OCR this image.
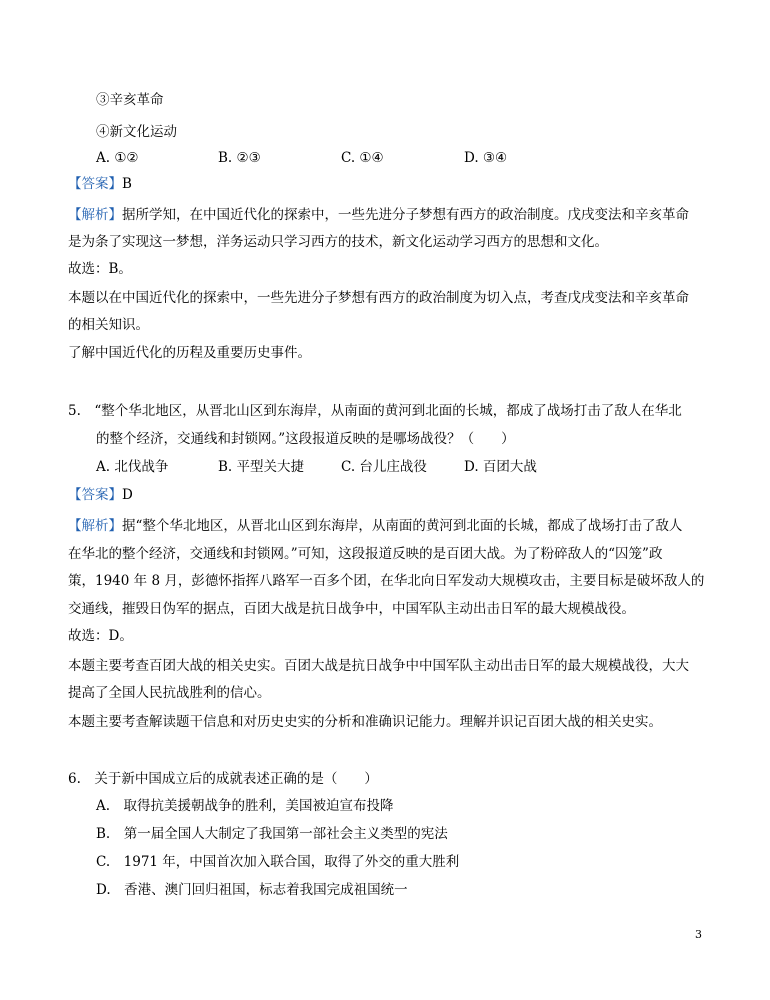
③辛亥革命
④新文化运动
A. ①②	B. ②③	C. ①④	D. ③④
【答案】B
【解析】据所学知，在中国近代化的探索中，一些先进分子梦想有西方的政治制度。戊戌变法和辛亥革命
是为条了实现这一梦想，洋务运动只学习西方的技术，新文化运动学习西方的思想和文化。
故选：B。
本题以在中国近代化的探索中，一些先进分子梦想有西方的政治制度为切入点，考查戊戌变法和辛亥革命
的相关知识。
了解中国近代化的历程及重要历史事件。
5.　“整个华北地区，从晋北山区到东海岸，从南面的黄河到北面的长城，都成了战场打击了敌人在华北
的整个经济，交通线和封锁网。”这段报道反映的是哪场战役？（　　）
A. 北伐战争	B. 平型关大捷	C. 台儿庄战役	D. 百团大战
【答案】D
【解析】据“整个华北地区，从晋北山区到东海岸，从南面的黄河到北面的长城，都成了战场打击了敌人
在华北的整个经济，交通线和封锁网。”可知，这段报道反映的是百团大战。为了粉碎敌人的“囚笼”政
策，1940 年 8 月，彭德怀指挥八路军一百多个团，在华北向日军发动大规模攻击，主要目标是破坏敌人的
交通线，摧毁日伪军的据点，百团大战是抗日战争中，中国军队主动出击日军的最大规模战役。
故选：D。
本题主要考查百团大战的相关史实。百团大战是抗日战争中中国军队主动出击日军的最大规模战役，大大
提高了全国人民抗战胜利的信心。
本题主要考查解读题干信息和对历史史实的分析和准确识记能力。理解并识记百团大战的相关史实。
6.　关于新中国成立后的成就表述正确的是（　　）
A.　取得抗美援朝战争的胜利，美国被迫宣布投降
B.　第一届全国人大制定了我国第一部社会主义类型的宪法
C.　1971 年，中国首次加入联合国，取得了外交的重大胜利
D.　香港、澳门回归祖国，标志着我国完成祖国统一
3
